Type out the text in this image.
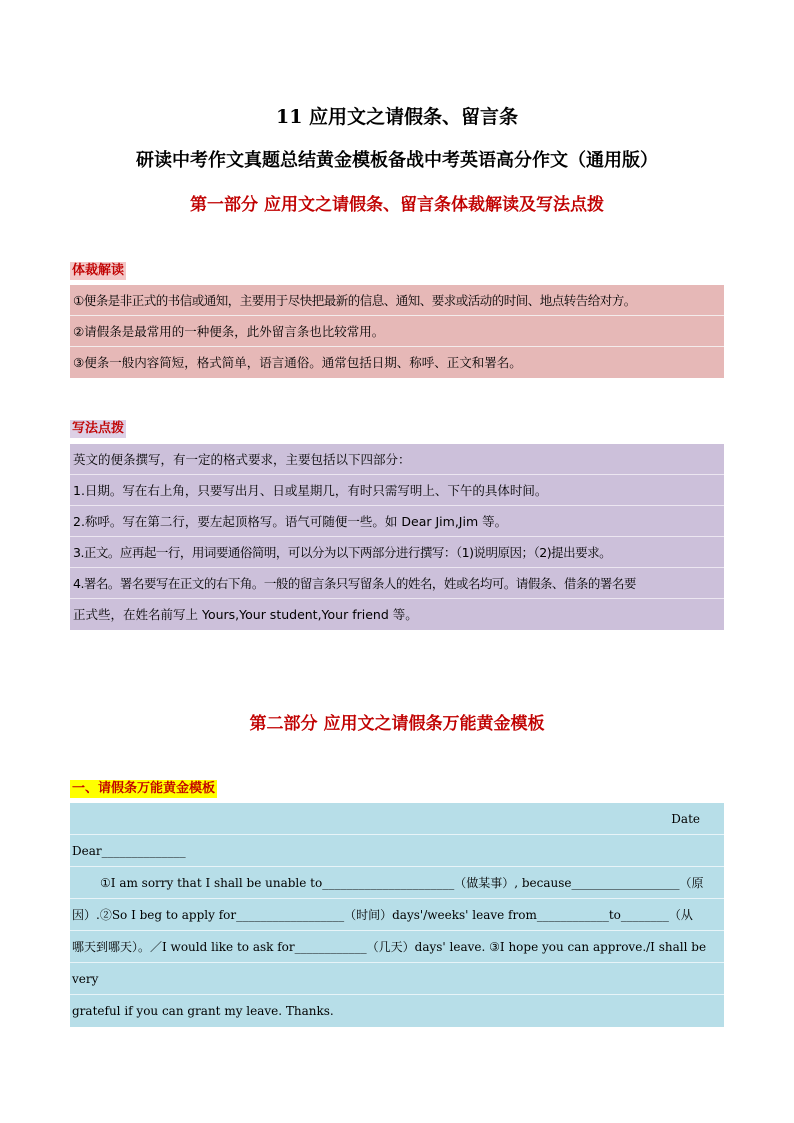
11 应用文之请假条、留言条
研读中考作文真题总结黄金模板备战中考英语高分作文（通用版）
第一部分 应用文之请假条、留言条体裁解读及写法点拨
体裁解读
①便条是非正式的书信或通知，主要用于尽快把最新的信息、通知、要求或活动的时间、地点转告给对方。
②请假条是最常用的一种便条，此外留言条也比较常用。
③便条一般内容简短，格式简单，语言通俗。通常包括日期、称呼、正文和署名。
写法点拨
英文的便条撰写，有一定的格式要求，主要包括以下四部分：
1.日期。写在右上角，只要写出月、日或星期几，有时只需写明上、下午的具体时间。
2.称呼。写在第二行，要左起顶格写。语气可随便一些。如 Dear Jim,Jim 等。
3.正文。应再起一行，用词要通俗简明，可以分为以下两部分进行撰写：（1)说明原因；（2)提出要求。
4.署名。署名要写在正文的右下角。一般的留言条只写留条人的姓名，姓或名均可。请假条、借条的署名要
正式些，在姓名前写上 Yours,Your student,Your friend 等。
第二部分 应用文之请假条万能黄金模板
一、请假条万能黄金模板
Date
Dear______________
①I am sorry that I shall be unable to______________________（做某事）, because__________________（原
因）.②So I beg to apply for__________________（时间）days'/weeks' leave from____________to________（从
哪天到哪天）。／I would like to ask for____________（几天）days' leave. ③I hope you can approve./I shall be
very
grateful if you can grant my leave. Thanks.
